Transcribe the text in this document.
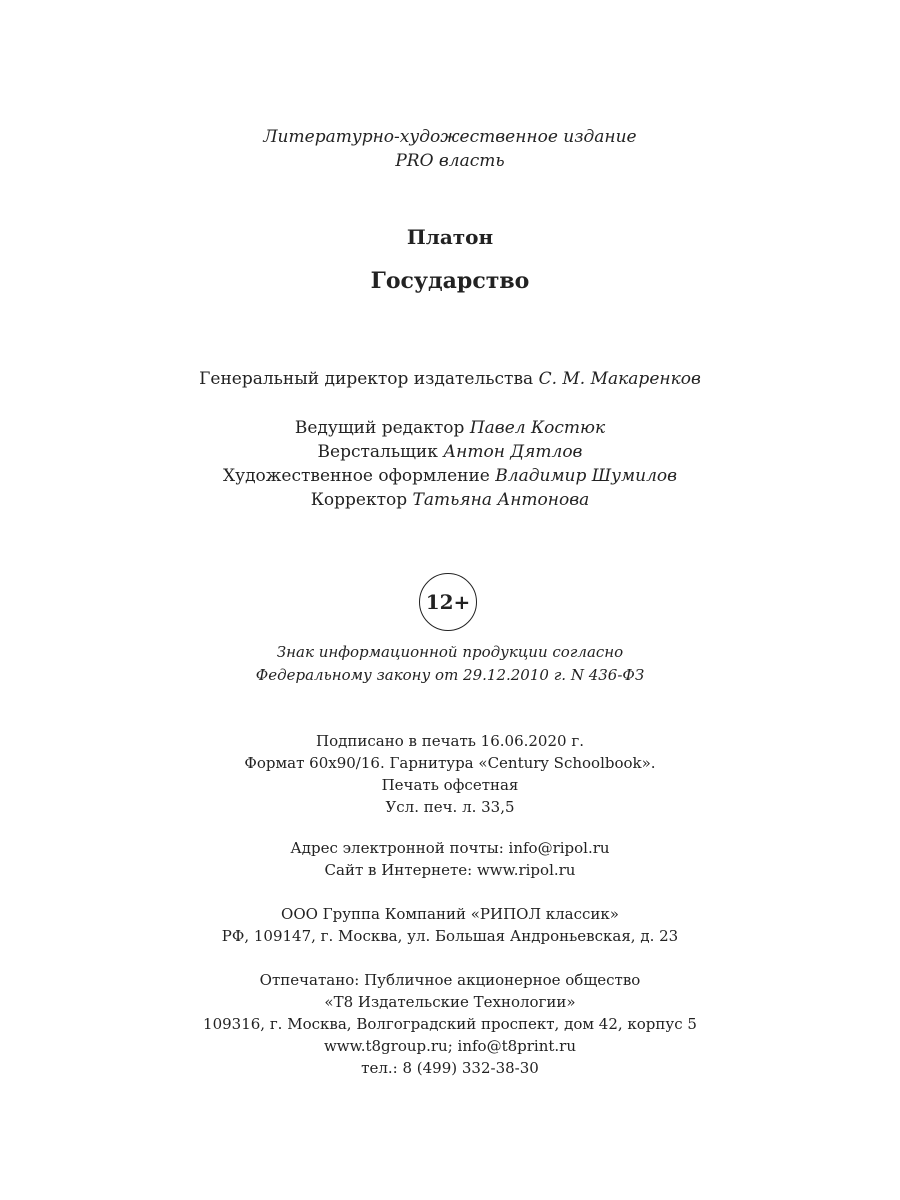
Литературно-художественное издание
PRO власть
Платон
Государство
Генеральный директор издательства С. М. Макаренков
Ведущий редактор Павел Костюк
Верстальщик Антон Дятлов
Художественное оформление Владимир Шумилов
Корректор Татьяна Антонова
12+
Знак информационной продукции согласно
Федеральному закону от 29.12.2010 г. N 436-ФЗ
Подписано в печать 16.06.2020 г.
Формат 60x90/16. Гарнитура «Century Schoolbook».
Печать офсетная
Усл. печ. л. 33,5
Адрес электронной почты: info@ripol.ru
Сайт в Интернете: www.ripol.ru
ООО Группа Компаний «РИПОЛ классик»
РФ, 109147, г. Москва, ул. Большая Андроньевская, д. 23
Отпечатано: Публичное акционерное общество
«Т8 Издательские Технологии»
109316, г. Москва, Волгоградский проспект, дом 42, корпус 5
www.t8group.ru; info@t8print.ru
тел.: 8 (499) 332-38-30
